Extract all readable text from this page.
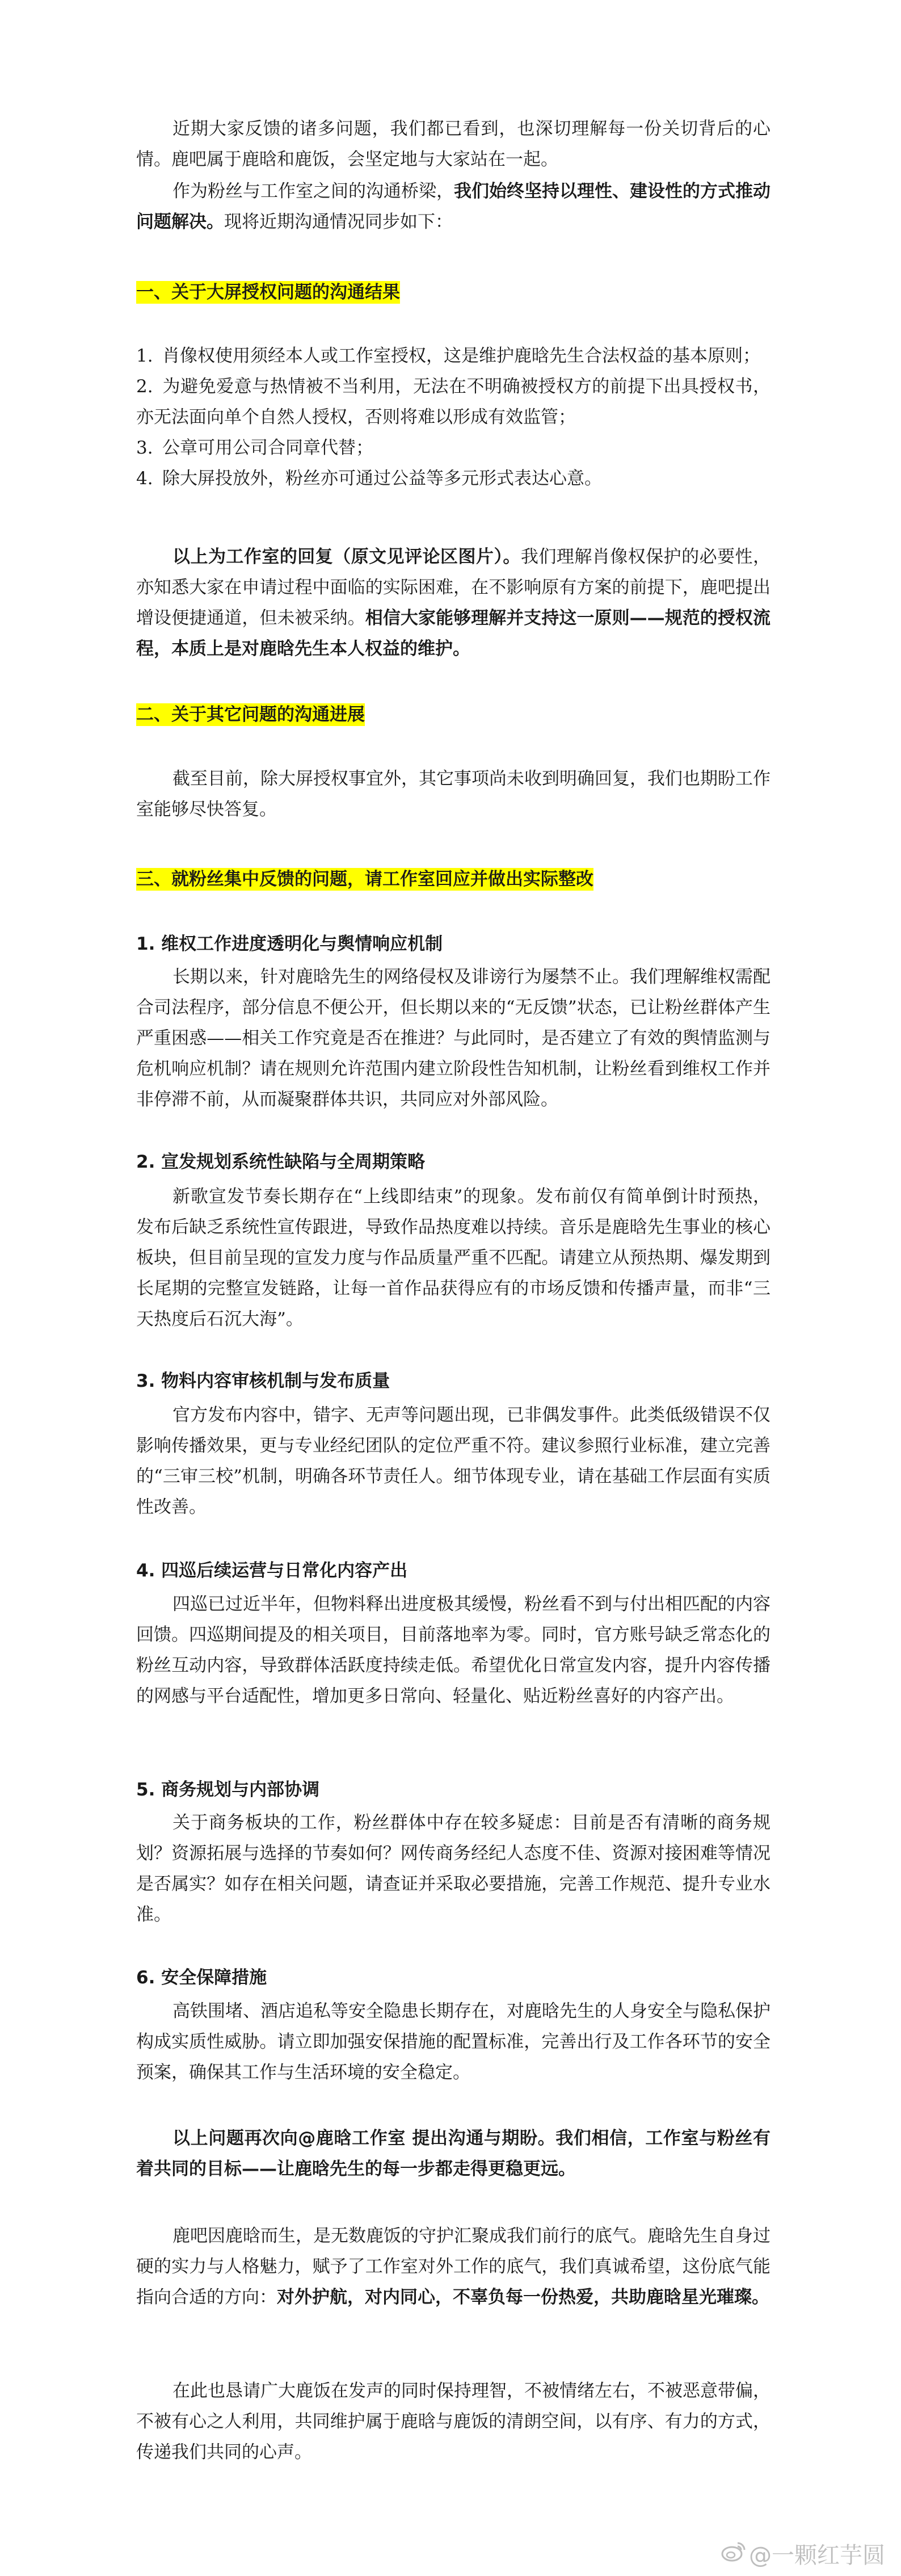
近期大家反馈的诸多问题，我们都已看到，也深切理解每一份关切背后的心情。鹿吧属于鹿晗和鹿饭，会坚定地与大家站在一起。

作为粉丝与工作室之间的沟通桥梁，我们始终坚持以理性、建设性的方式推动问题解决。现将近期沟通情况同步如下：

一、关于大屏授权问题的沟通结果

1. 肖像权使用须经本人或工作室授权，这是维护鹿晗先生合法权益的基本原则；

2. 为避免爱意与热情被不当利用，无法在不明确被授权方的前提下出具授权书，亦无法面向单个自然人授权，否则将难以形成有效监管；

3. 公章可用公司合同章代替；

4. 除大屏投放外，粉丝亦可通过公益等多元形式表达心意。

以上为工作室的回复（原文见评论区图片）。我们理解肖像权保护的必要性，亦知悉大家在申请过程中面临的实际困难，在不影响原有方案的前提下，鹿吧提出增设便捷通道，但未被采纳。相信大家能够理解并支持这一原则——规范的授权流程，本质上是对鹿晗先生本人权益的维护。

二、关于其它问题的沟通进展

截至目前，除大屏授权事宜外，其它事项尚未收到明确回复，我们也期盼工作室能够尽快答复。

三、就粉丝集中反馈的问题，请工作室回应并做出实际整改

1. 维权工作进度透明化与舆情响应机制

长期以来，针对鹿晗先生的网络侵权及诽谤行为屡禁不止。我们理解维权需配合司法程序，部分信息不便公开，但长期以来的“无反馈”状态，已让粉丝群体产生严重困惑——相关工作究竟是否在推进？与此同时，是否建立了有效的舆情监测与危机响应机制？请在规则允许范围内建立阶段性告知机制，让粉丝看到维权工作并非停滞不前，从而凝聚群体共识，共同应对外部风险。

2. 宣发规划系统性缺陷与全周期策略

新歌宣发节奏长期存在“上线即结束”的现象。发布前仅有简单倒计时预热，发布后缺乏系统性宣传跟进，导致作品热度难以持续。音乐是鹿晗先生事业的核心板块，但目前呈现的宣发力度与作品质量严重不匹配。请建立从预热期、爆发期到长尾期的完整宣发链路，让每一首作品获得应有的市场反馈和传播声量，而非“三天热度后石沉大海”。

3. 物料内容审核机制与发布质量

官方发布内容中，错字、无声等问题出现，已非偶发事件。此类低级错误不仅影响传播效果，更与专业经纪团队的定位严重不符。建议参照行业标准，建立完善的“三审三校”机制，明确各环节责任人。细节体现专业，请在基础工作层面有实质性改善。

4. 四巡后续运营与日常化内容产出

四巡已过近半年，但物料释出进度极其缓慢，粉丝看不到与付出相匹配的内容回馈。四巡期间提及的相关项目，目前落地率为零。同时，官方账号缺乏常态化的粉丝互动内容，导致群体活跃度持续走低。希望优化日常宣发内容，提升内容传播的网感与平台适配性，增加更多日常向、轻量化、贴近粉丝喜好的内容产出。

5. 商务规划与内部协调

关于商务板块的工作，粉丝群体中存在较多疑虑：目前是否有清晰的商务规划？资源拓展与选择的节奏如何？网传商务经纪人态度不佳、资源对接困难等情况是否属实？如存在相关问题，请查证并采取必要措施，完善工作规范、提升专业水准。

6. 安全保障措施

高铁围堵、酒店追私等安全隐患长期存在，对鹿晗先生的人身安全与隐私保护构成实质性威胁。请立即加强安保措施的配置标准，完善出行及工作各环节的安全预案，确保其工作与生活环境的安全稳定。

以上问题再次向@鹿晗工作室 提出沟通与期盼。我们相信，工作室与粉丝有着共同的目标——让鹿晗先生的每一步都走得更稳更远。

鹿吧因鹿晗而生，是无数鹿饭的守护汇聚成我们前行的底气。鹿晗先生自身过硬的实力与人格魅力，赋予了工作室对外工作的底气，我们真诚希望，这份底气能指向合适的方向：对外护航，对内同心，不辜负每一份热爱，共助鹿晗星光璀璨。

在此也恳请广大鹿饭在发声的同时保持理智，不被情绪左右，不被恶意带偏，不被有心之人利用，共同维护属于鹿晗与鹿饭的清朗空间，以有序、有力的方式，传递我们共同的心声。

@一颗红芋圆
